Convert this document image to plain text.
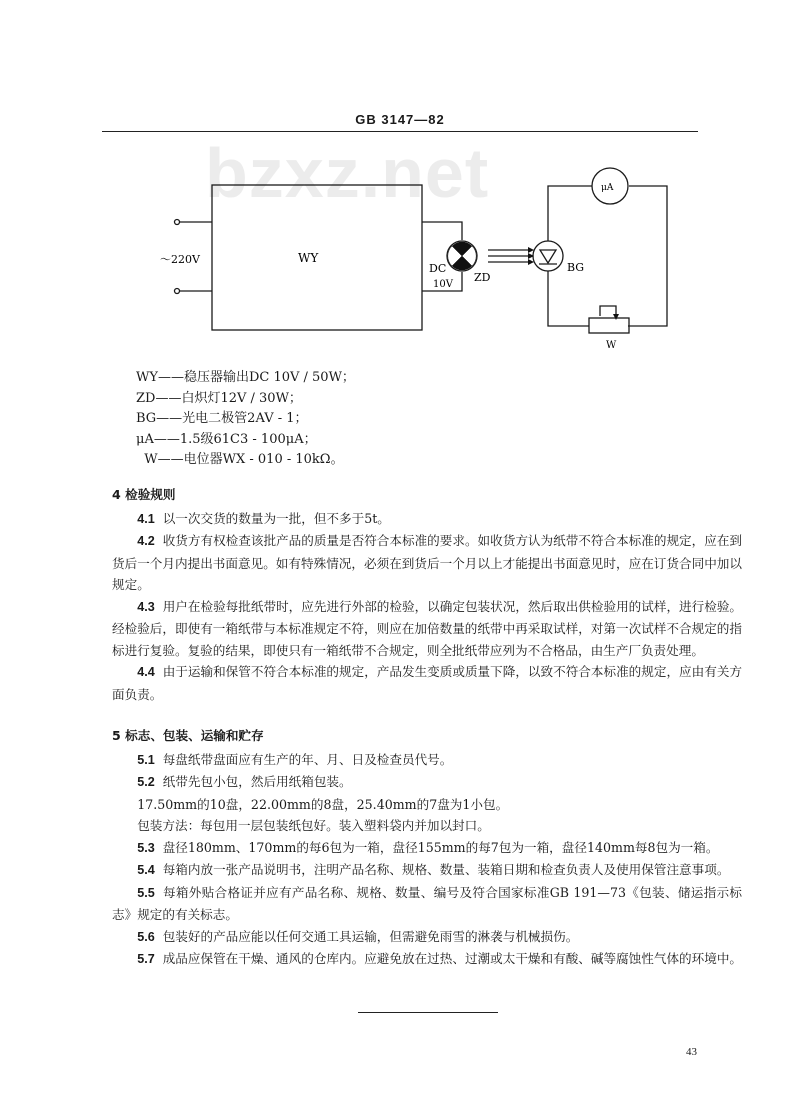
GB 3147—82
bzxz.net
～220V	WY
DC
10V
ZD
μA
BG
W
WY——稳压器输出DC 10V / 50W；
ZD——白炽灯12V / 30W；
BG——光电二极管2AV - 1；
μA——1.5级61C3 - 100μA；
W——电位器WX - 010 - 10kΩ。
4 检验规则
4.1 以一次交货的数量为一批，但不多于5t。
4.2 收货方有权检查该批产品的质量是否符合本标准的要求。如收货方认为纸带不符合本标准的规定，应在到货后一个月内提出书面意见。如有特殊情况，必须在到货后一个月以上才能提出书面意见时，应在订货合同中加以规定。
4.3 用户在检验每批纸带时，应先进行外部的检验，以确定包装状况，然后取出供检验用的试样，进行检验。经检验后，即使有一箱纸带与本标准规定不符，则应在加倍数量的纸带中再采取试样，对第一次试样不合规定的指标进行复验。复验的结果，即使只有一箱纸带不合规定，则全批纸带应列为不合格品，由生产厂负责处理。
4.4 由于运输和保管不符合本标准的规定，产品发生变质或质量下降，以致不符合本标准的规定，应由有关方面负责。
5 标志、包装、运输和贮存
5.1 每盘纸带盘面应有生产的年、月、日及检查员代号。
5.2 纸带先包小包，然后用纸箱包装。
17.50mm的10盘，22.00mm的8盘，25.40mm的7盘为1小包。
包装方法：每包用一层包装纸包好。装入塑料袋内并加以封口。
5.3 盘径180mm、170mm的每6包为一箱，盘径155mm的每7包为一箱，盘径140mm每8包为一箱。
5.4 每箱内放一张产品说明书，注明产品名称、规格、数量、装箱日期和检查负责人及使用保管注意事项。
5.5 每箱外贴合格证并应有产品名称、规格、数量、编号及符合国家标准GB 191—73《包装、储运指示标志》规定的有关标志。
5.6 包装好的产品应能以任何交通工具运输，但需避免雨雪的淋袭与机械损伤。
5.7 成品应保管在干燥、通风的仓库内。应避免放在过热、过潮或太干燥和有酸、碱等腐蚀性气体的环境中。
43
